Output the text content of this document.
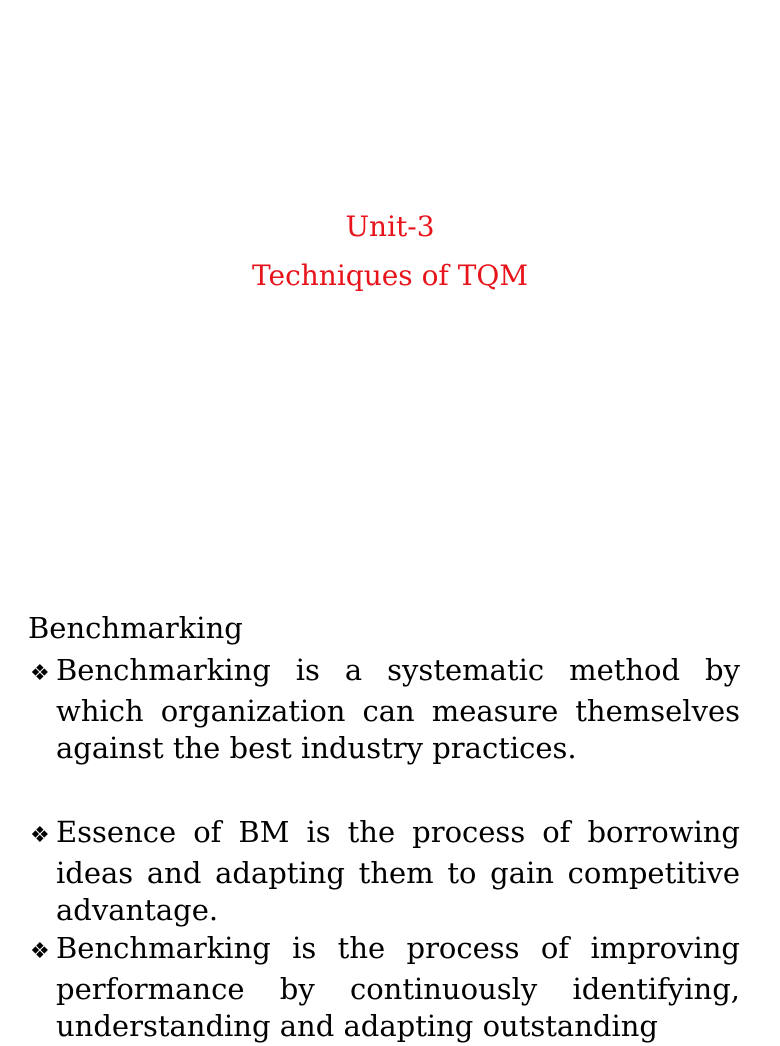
Unit-3
Techniques of TQM
Benchmarking
❖ Benchmarking is a systematic method by which organization can measure themselves against the best industry practices.
❖ Essence of BM is the process of borrowing ideas and adapting them to gain competitive advantage.
❖ Benchmarking is the process of improving performance by continuously identifying, understanding and adapting outstanding
